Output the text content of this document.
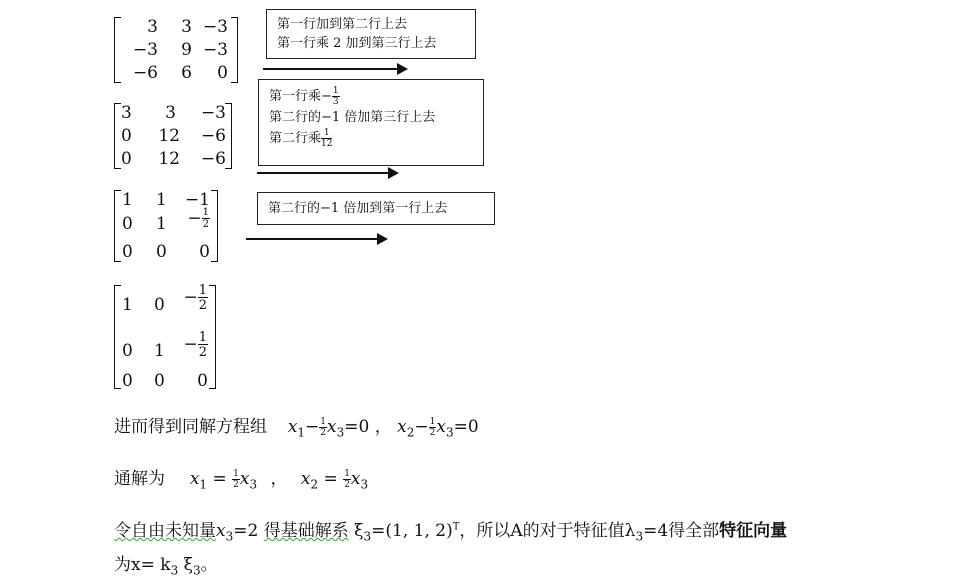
3 3 −3
−3 9 −3
−6 6 0
第一行加到第二行上去
第一行乘 2 加到第三行上去
3 3 −3
0 12 −6
0 12 −6
第一行乘− $\frac{1}{3}$
第二行的−1 倍加第三行上去
第二行乘 $\frac{1}{12}$
1 1 −1
0 $1 - \frac{1}{2}$
0 0 0
第二行的−1 倍加到第一行上去
1 $0 - \frac{1}{2}$
0 $1 - \frac{1}{2}$
0 0 0
进而得到同解方程组 $x_1- \frac{1}{2} x_3=0$ ， $x_2- \frac{1}{2} x_3=0$
通解为 $x_1 = \frac{1}{2} x_3$ ， $x_2 = \frac{1}{2} x_3$
令自由未知量$x_3=2$ 得基础解系 $\xi_3=(1$, 1, 2)$^T$，所以A的对于特征值$\lambda_3=4$得全部特征向量
为$x= k_3$ $\xi_3$。
